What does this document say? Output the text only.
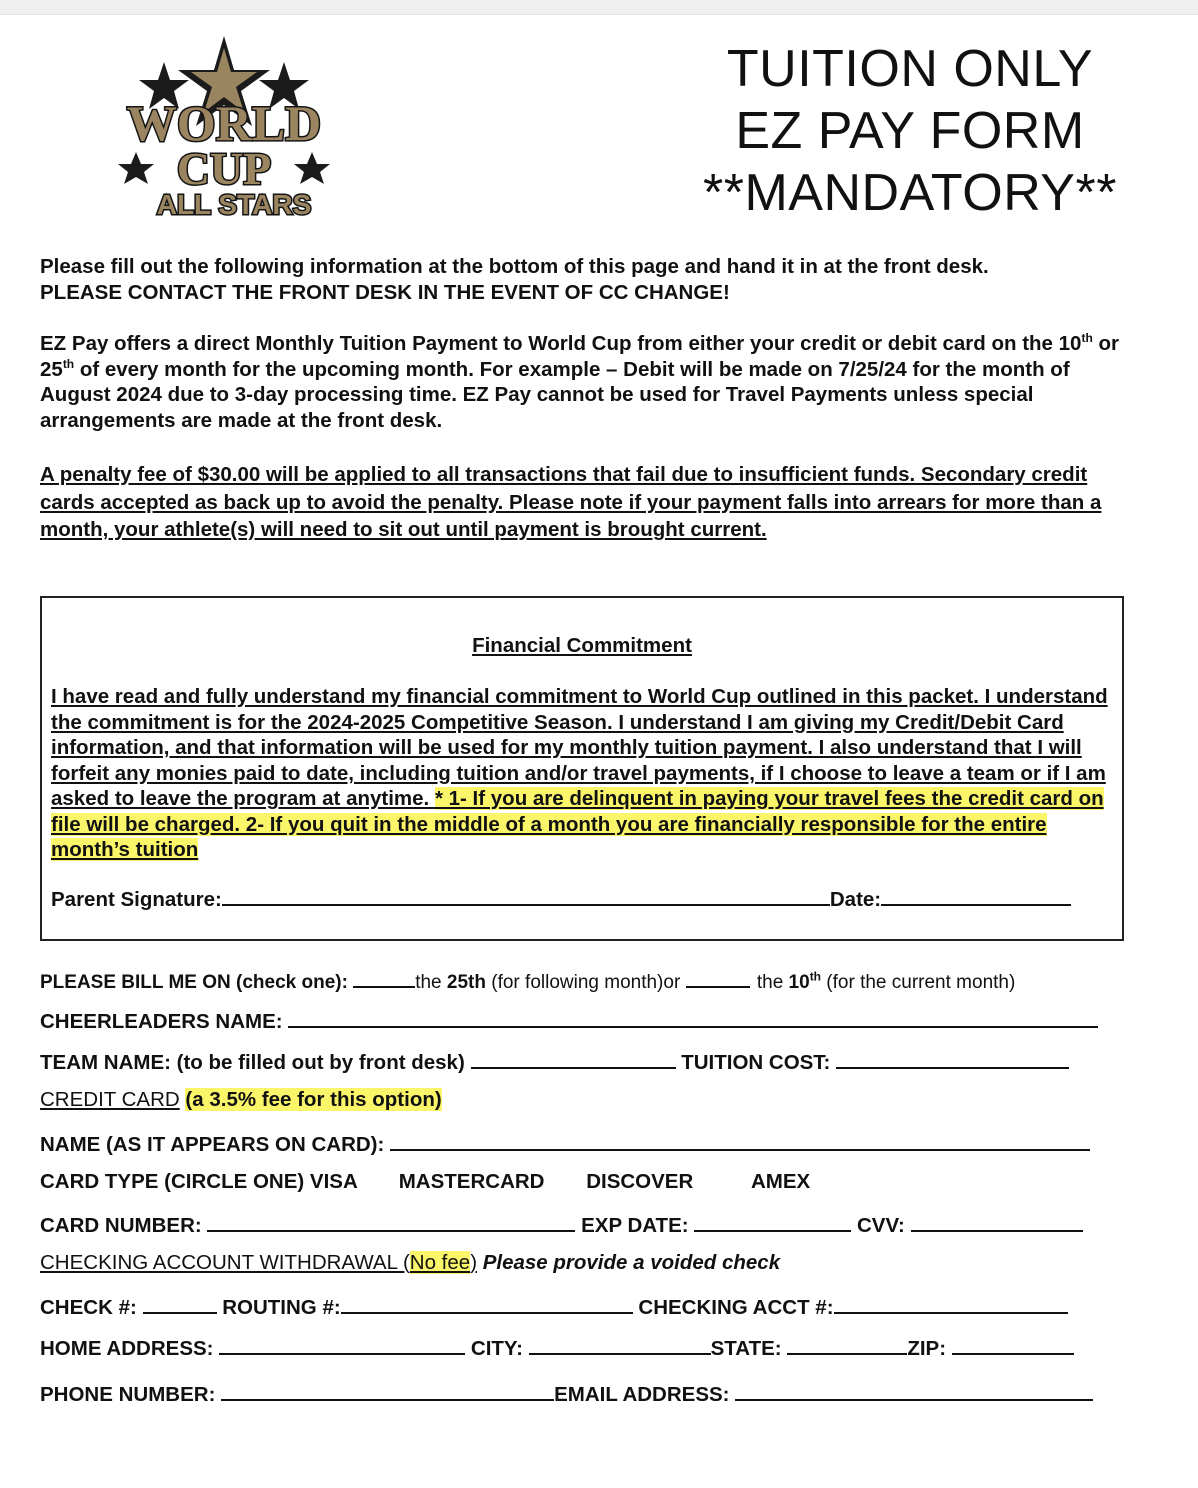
WORLD
CUP
ALL STARS
TUITION ONLY
EZ PAY FORM
**MANDATORY**

Please fill out the following information at the bottom of this page and hand it in at the front desk.

PLEASE CONTACT THE FRONT DESK IN THE EVENT OF CC CHANGE!

EZ Pay offers a direct Monthly Tuition Payment to World Cup from either your credit or debit card on the 10th or 25th of every month for the upcoming month. For example – Debit will be made on 7/25/24 for the month of August 2024 due to 3-day processing time. EZ Pay cannot be used for Travel Payments unless special arrangements are made at the front desk.

A penalty fee of $30.00 will be applied to all transactions that fail due to insufficient funds. Secondary credit cards accepted as back up to avoid the penalty. Please note if your payment falls into arrears for more than a month, your athlete(s) will need to sit out until payment is brought current.
Financial Commitment
I have read and fully understand my financial commitment to World Cup outlined in this packet. I understand the commitment is for the 2024-2025 Competitive Season. I understand I am giving my Credit/Debit Card information, and that information will be used for my monthly tuition payment. I also understand that I will forfeit any monies paid to date, including tuition and/or travel payments, if I choose to leave a team or if I am asked to leave the program at anytime. * 1- If you are delinquent in paying your travel fees the credit card on file will be charged. 2- If you quit in the middle of a month you are financially responsible for the entire month’s tuition
Parent Signature:	Date:
PLEASE BILL ME ON (check one):	the 25th (for following month)or	the 10th (for the current month)
CHEERLEADERS NAME:
TEAM NAME: (to be filled out by front desk)	TUITION COST:
CREDIT CARD (a 3.5% fee for this option)
NAME (AS IT APPEARS ON CARD):
CARD TYPE (CIRCLE ONE) VISA MASTERCARD DISCOVER	AMEX
CARD NUMBER:	EXP DATE:	CVV:
CHECKING ACCOUNT WITHDRAWAL (No fee) Please provide a voided check
CHECK #:	ROUTING #:	CHECKING ACCT #:
HOME ADDRESS:	CITY:	STATE:	ZIP:
PHONE NUMBER:	EMAIL ADDRESS:
